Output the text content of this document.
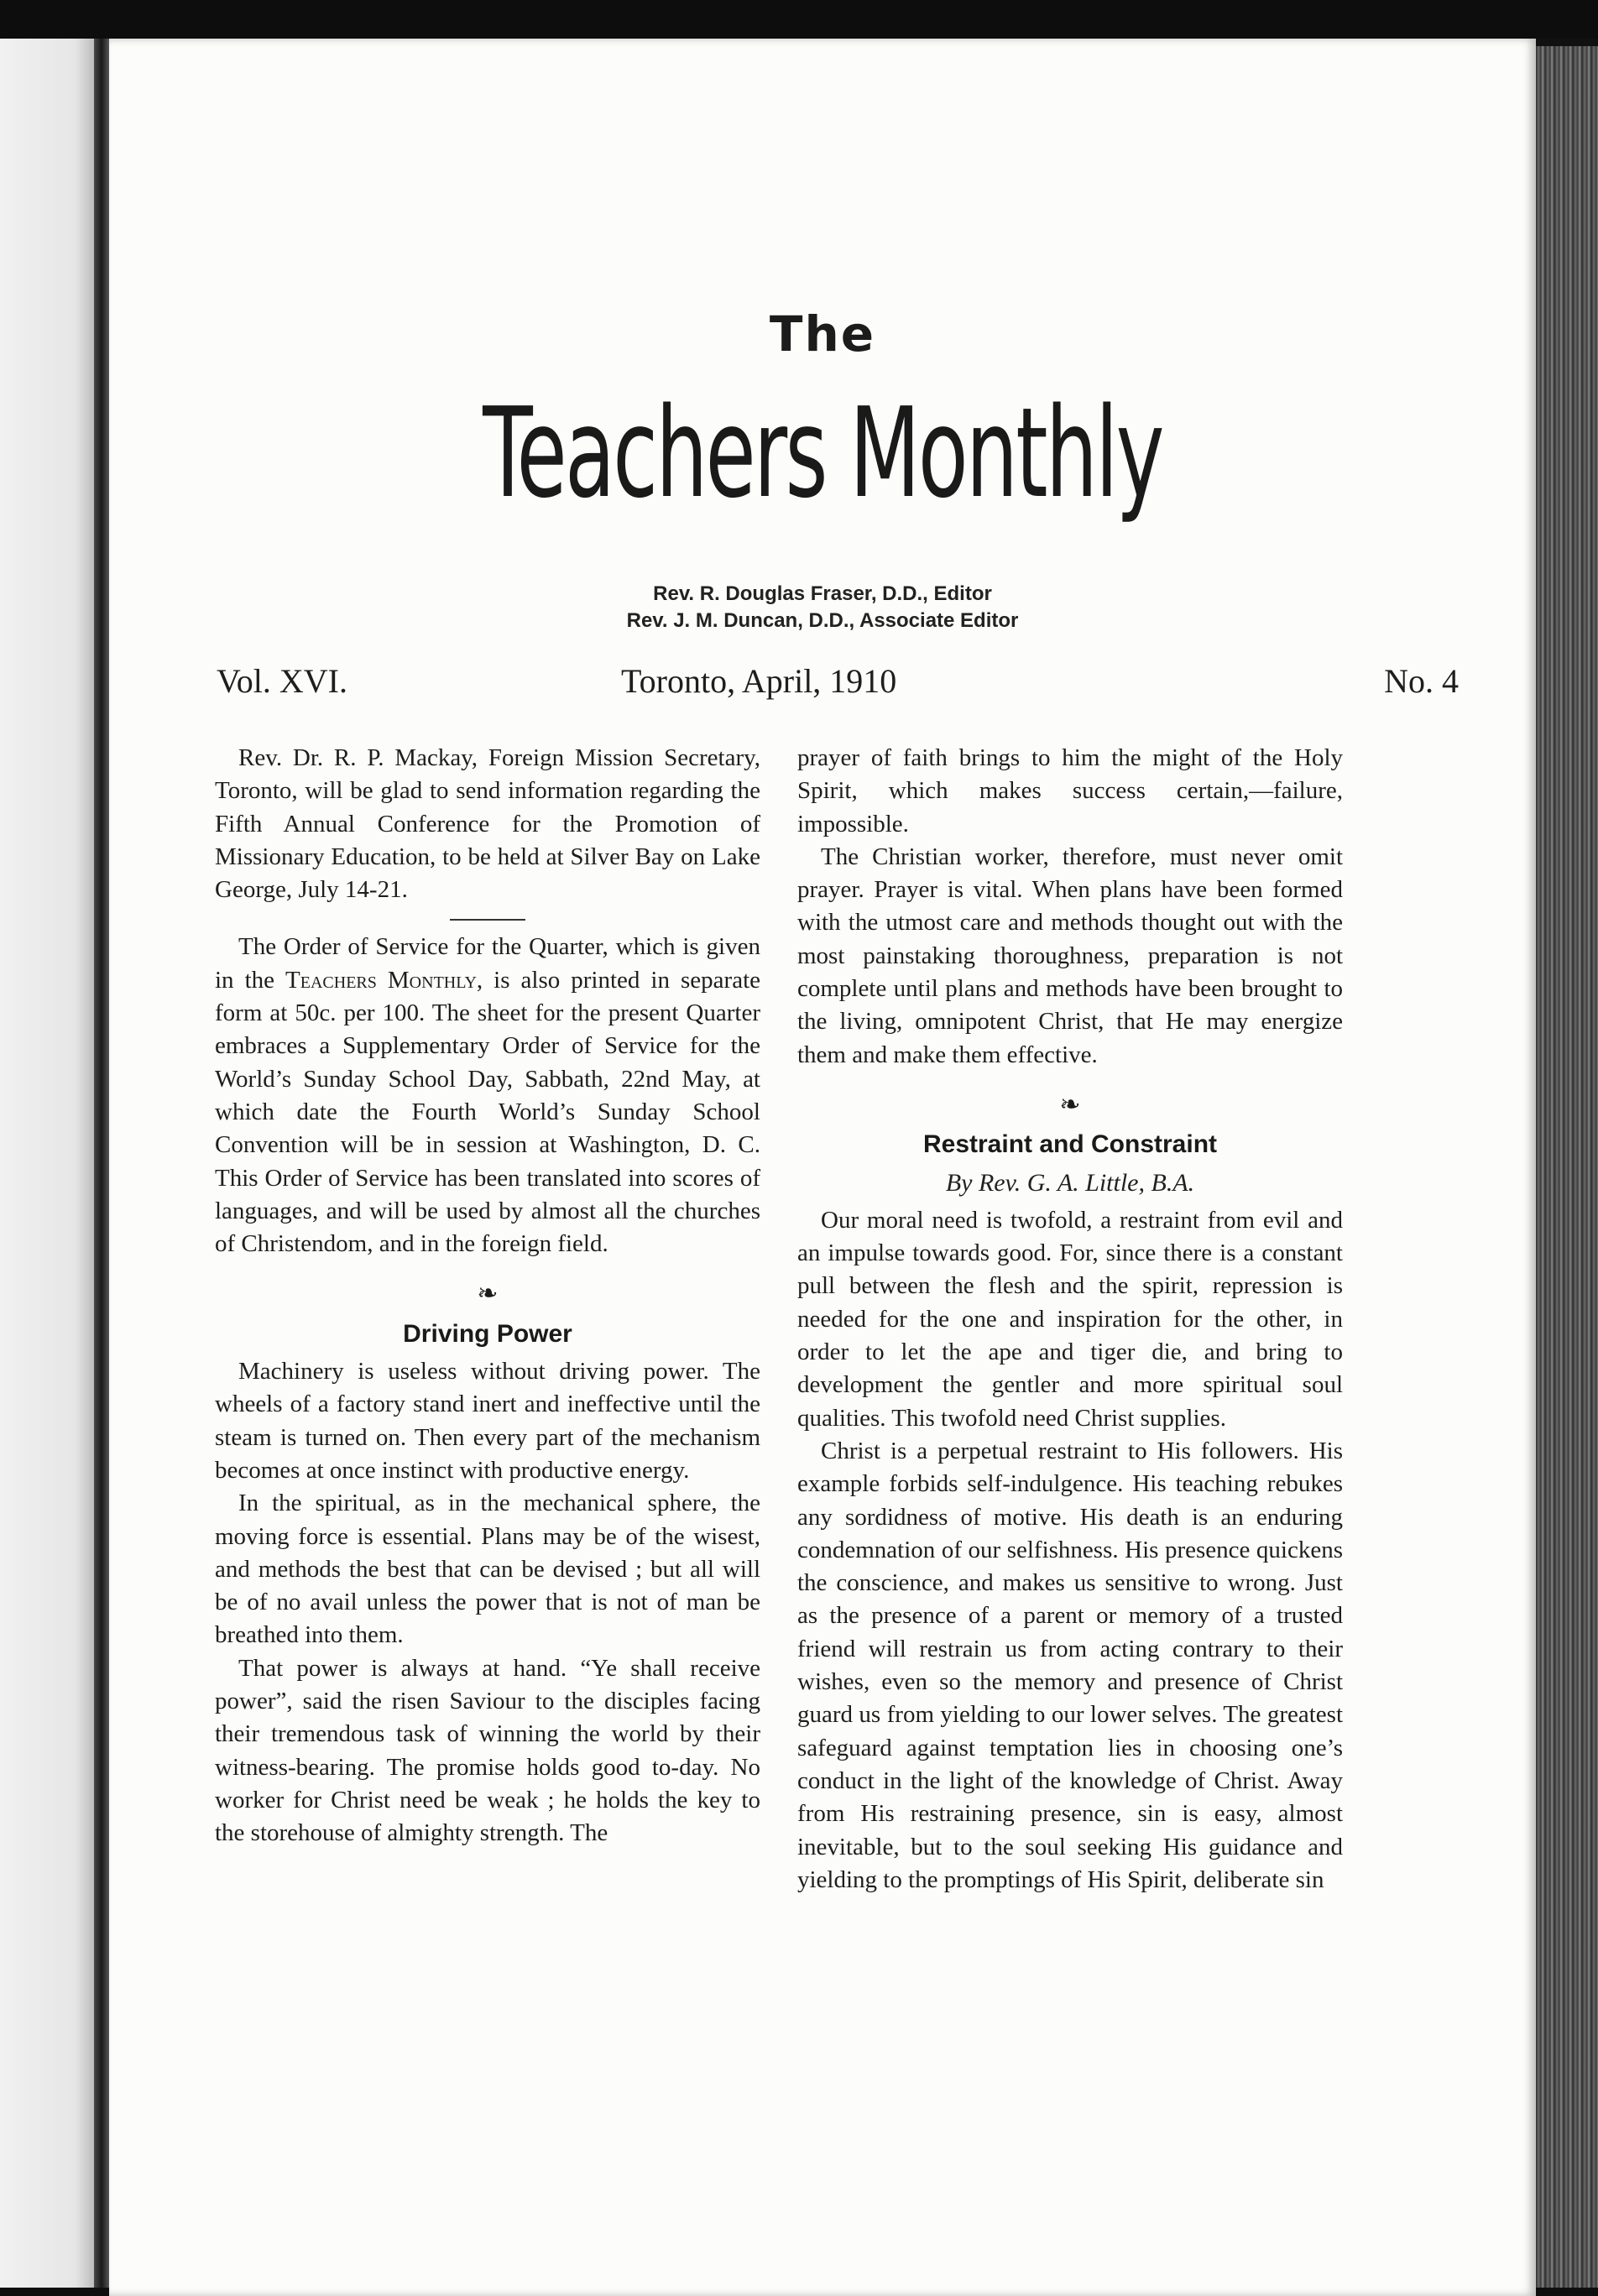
The
Teachers Monthly
Rev. R. Douglas Fraser, D.D., Editor
Rev. J. M. Duncan, D.D., Associate Editor
Vol. XVI.	Toronto, April, 1910	No. 4

Rev. Dr. R. P. Mackay, Foreign Mission Secretary, Toronto, will be glad to send information regarding the Fifth Annual Conference for the Promotion of Missionary Education, to be held at Silver Bay on Lake George, July 14-21.

The Order of Service for the Quarter, which is given in the Teachers Monthly, is also printed in separate form at 50c. per 100. The sheet for the present Quarter embraces a Supplementary Order of Service for the World’s Sunday School Day, Sabbath, 22nd May, at which date the Fourth World’s Sunday School Convention will be in session at Washington, D. C. This Order of Service has been translated into scores of languages, and will be used by almost all the churches of Christendom, and in the foreign field.

❧
Driving Power

Machinery is useless without driving power. The wheels of a factory stand inert and ineffective until the steam is turned on. Then every part of the mechanism becomes at once instinct with productive energy.

In the spiritual, as in the mechanical sphere, the moving force is essential. Plans may be of the wisest, and methods the best that can be devised ; but all will be of no avail unless the power that is not of man be breathed into them.

That power is always at hand. “Ye shall receive power”, said the risen Saviour to the disciples facing their tremendous task of winning the world by their witness-bearing. The promise holds good to-day. No worker for Christ need be weak ; he holds the key to the storehouse of almighty strength. The

prayer of faith brings to him the might of the Holy Spirit, which makes success certain,—failure, impossible.

The Christian worker, therefore, must never omit prayer. Prayer is vital. When plans have been formed with the utmost care and methods thought out with the most painstaking thoroughness, preparation is not complete until plans and methods have been brought to the living, omnipotent Christ, that He may energize them and make them effective.

❧
Restraint and Constraint
By Rev. G. A. Little, B.A.

Our moral need is twofold, a restraint from evil and an impulse towards good. For, since there is a constant pull between the flesh and the spirit, repression is needed for the one and inspiration for the other, in order to let the ape and tiger die, and bring to development the gentler and more spiritual soul qualities. This twofold need Christ supplies.

Christ is a perpetual restraint to His followers. His example forbids self-indulgence. His teaching rebukes any sordidness of motive. His death is an enduring condemnation of our selfishness. His presence quickens the conscience, and makes us sensitive to wrong. Just as the presence of a parent or memory of a trusted friend will restrain us from acting contrary to their wishes, even so the memory and presence of Christ guard us from yielding to our lower selves. The greatest safeguard against temptation lies in choosing one’s conduct in the light of the knowledge of Christ. Away from His restraining presence, sin is easy, almost inevitable, but to the soul seeking His guidance and yielding to the promptings of His Spirit, deliberate sin
